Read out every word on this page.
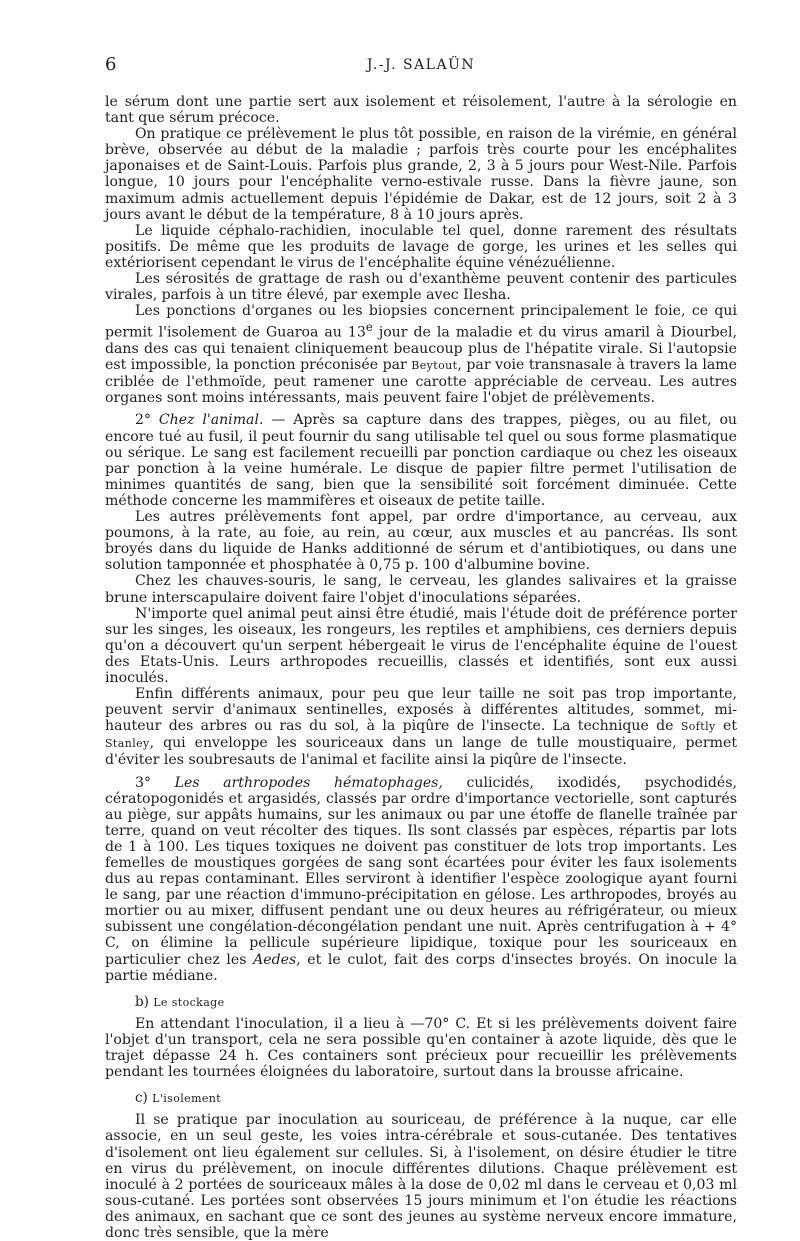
6	J.-J. SALAÜN

le sérum dont une partie sert aux isolement et réisolement, l'autre à la sérologie en tant que sérum précoce.

On pratique ce prélèvement le plus tôt possible, en raison de la virémie, en général brève, observée au début de la maladie ; parfois très courte pour les encéphalites japonaises et de Saint-Louis. Parfois plus grande, 2, 3 à 5 jours pour West-Nile. Parfois longue, 10 jours pour l'encéphalite verno-estivale russe. Dans la fièvre jaune, son maximum admis actuellement depuis l'épidémie de Dakar, est de 12 jours, soit 2 à 3 jours avant le début de la température, 8 à 10 jours après.

Le liquide céphalo-rachidien, inoculable tel quel, donne rarement des résultats positifs. De même que les produits de lavage de gorge, les urines et les selles qui extériorisent cependant le virus de l'encéphalite équine vénézuélienne.

Les sérosités de grattage de rash ou d'exanthème peuvent contenir des particules virales, parfois à un titre élevé, par exemple avec Ilesha.

Les ponctions d'organes ou les biopsies concernent principalement le foie, ce qui permit l'isolement de Guaroa au 13e jour de la maladie et du virus amaril à Diourbel, dans des cas qui tenaient cliniquement beaucoup plus de l'hépatite virale. Si l'autopsie est impossible, la ponction préconisée par Beytout, par voie transnasale à travers la lame criblée de l'ethmoïde, peut ramener une carotte appréciable de cerveau. Les autres organes sont moins intéressants, mais peuvent faire l'objet de prélèvements.

2° Chez l'animal. — Après sa capture dans des trappes, pièges, ou au filet, ou encore tué au fusil, il peut fournir du sang utilisable tel quel ou sous forme plasmatique ou sérique. Le sang est facilement recueilli par ponction cardiaque ou chez les oiseaux par ponction à la veine humérale. Le disque de papier filtre permet l'utilisation de minimes quantités de sang, bien que la sensibilité soit forcément diminuée. Cette méthode concerne les mammifères et oiseaux de petite taille.

Les autres prélèvements font appel, par ordre d'importance, au cerveau, aux poumons, à la rate, au foie, au rein, au cœur, aux muscles et au pancréas. Ils sont broyés dans du liquide de Hanks additionné de sérum et d'antibiotiques, ou dans une solution tamponnée et phosphatée à 0,75 p. 100 d'albumine bovine.

Chez les chauves-souris, le sang, le cerveau, les glandes salivaires et la graisse brune interscapulaire doivent faire l'objet d'inoculations séparées.

N'importe quel animal peut ainsi être étudié, mais l'étude doit de préférence porter sur les singes, les oiseaux, les rongeurs, les reptiles et amphibiens, ces derniers depuis qu'on a découvert qu'un serpent hébergeait le virus de l'encéphalite équine de l'ouest des Etats-Unis. Leurs arthropodes recueillis, classés et identifiés, sont eux aussi inoculés.

Enfin différents animaux, pour peu que leur taille ne soit pas trop importante, peuvent servir d'animaux sentinelles, exposés à différentes altitudes, sommet, mi-hauteur des arbres ou ras du sol, à la piqûre de l'insecte. La technique de Softly et Stanley, qui enveloppe les souriceaux dans un lange de tulle moustiquaire, permet d'éviter les soubresauts de l'animal et facilite ainsi la piqûre de l'insecte.

3° Les arthropodes hématophages, culicidés, ixodidés, psychodidés, cératopogonidés et argasidés, classés par ordre d'importance vectorielle, sont capturés au piège, sur appâts humains, sur les animaux ou par une étoffe de flanelle traînée par terre, quand on veut récolter des tiques. Ils sont classés par espèces, répartis par lots de 1 à 100. Les tiques toxiques ne doivent pas constituer de lots trop importants. Les femelles de moustiques gorgées de sang sont écartées pour éviter les faux isolements dus au repas contaminant. Elles serviront à identifier l'espèce zoologique ayant fourni le sang, par une réaction d'immuno-précipitation en gélose. Les arthropodes, broyés au mortier ou au mixer, diffusent pendant une ou deux heures au réfrigérateur, ou mieux subissent une congélation-décongélation pendant une nuit. Après centrifugation à + 4° C, on élimine la pellicule supérieure lipidique, toxique pour les souriceaux en particulier chez les Aedes, et le culot, fait des corps d'insectes broyés. On inocule la partie médiane.

b) Le stockage

En attendant l'inoculation, il a lieu à —70° C. Et si les prélèvements doivent faire l'objet d'un transport, cela ne sera possible qu'en container à azote liquide, dès que le trajet dépasse 24 h. Ces containers sont précieux pour recueillir les prélèvements pendant les tournées éloignées du laboratoire, surtout dans la brousse africaine.

c) L'isolement

Il se pratique par inoculation au souriceau, de préférence à la nuque, car elle associe, en un seul geste, les voies intra-cérébrale et sous-cutanée. Des tentatives d'isolement ont lieu également sur cellules. Si, à l'isolement, on désire étudier le titre en virus du prélèvement, on inocule différentes dilutions. Chaque prélèvement est inoculé à 2 portées de souriceaux mâles à la dose de 0,02 ml dans le cerveau et 0,03 ml sous-cutané. Les portées sont observées 15 jours minimum et l'on étudie les réactions des animaux, en sachant que ce sont des jeunes au système nerveux encore immature, donc très sensible, que la mère
